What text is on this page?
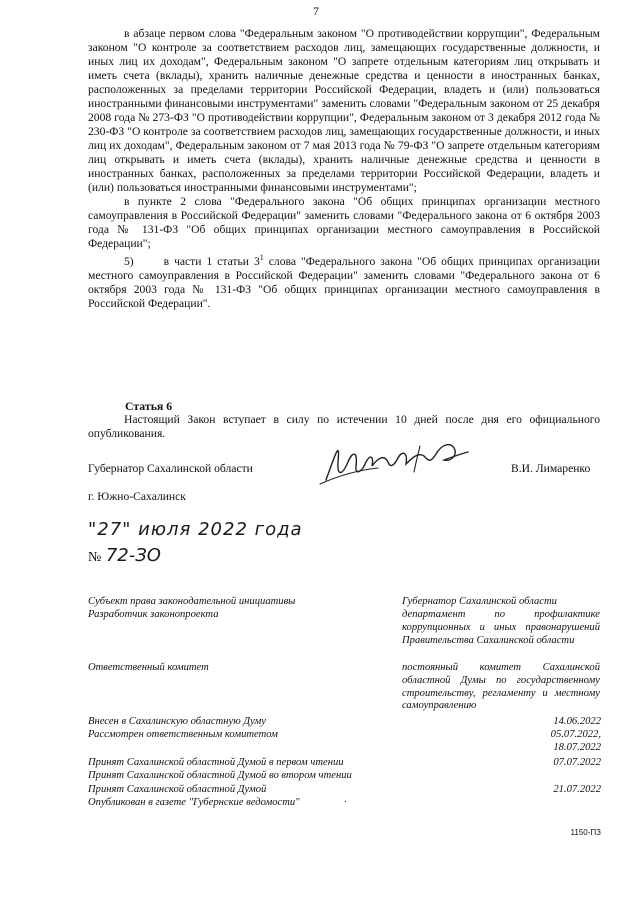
7

в абзаце первом слова "Федеральным законом "О противодействии коррупции", Федеральным законом "О контроле за соответствием расходов лиц, замещающих государственные должности, и иных лиц их доходам", Федеральным законом "О запрете отдельным категориям лиц открывать и иметь счета (вклады), хранить наличные денежные средства и ценности в иностранных банках, расположенных за пределами территории Российской Федерации, владеть и (или) пользоваться иностранными финансовыми инструментами" заменить словами "Федеральным законом от 25 декабря 2008 года № 273-ФЗ "О противодействии коррупции", Федеральным законом от 3 декабря 2012 года № 230-ФЗ "О контроле за соответствием расходов лиц, замещающих государственные должности, и иных лиц их доходам", Федеральным законом от 7 мая 2013 года № 79-ФЗ "О запрете отдельным категориям лиц открывать и иметь счета (вклады), хранить наличные денежные средства и ценности в иностранных банках, расположенных за пределами территории Российской Федерации, владеть и (или) пользоваться иностранными финансовыми инструментами";

в пункте 2 слова "Федерального закона "Об общих принципах организации местного самоуправления в Российской Федерации" заменить словами "Федерального закона от 6 октября 2003 года № 131-ФЗ "Об общих принципах организации местного самоуправления в Российской Федерации";

5)      в части 1 статьи $3^1$ слова "Федерального закона "Об общих принципах организации местного самоуправления в Российской Федерации" заменить словами "Федерального закона от 6 октября 2003 года № 131-ФЗ "Об общих принципах организации местного самоуправления в Российской Федерации".

Статья 6
Настоящий Закон вступает в силу по истечении 10 дней после дня его официального опубликования.
Губернатор Сахалинской области	В.И. Лимаренко
г. Южно-Сахалинск
"27" июля 2022 года
№ 72-ЗО
Субъект права законодательной инициативы	Губернатор Сахалинской области
Разработчик законопроекта	департамент по профилактике коррупционных и иных правонарушений Правительства Сахалинской области
Ответственный комитет	постоянный комитет Сахалинской областной Думы по государственному строительству, регламенту и местному самоуправлению
Внесен в Сахалинскую областную Думу	14.06.2022
Рассмотрен ответственным комитетом	05.07.2022,
18.07.2022
Принят Сахалинской областной Думой в первом чтении	07.07.2022
Принят Сахалинской областной Думой во втором чтении
Принят Сахалинской областной Думой	21.07.2022
Опубликован в газете "Губернские ведомости"	·
1150-ПЗ
